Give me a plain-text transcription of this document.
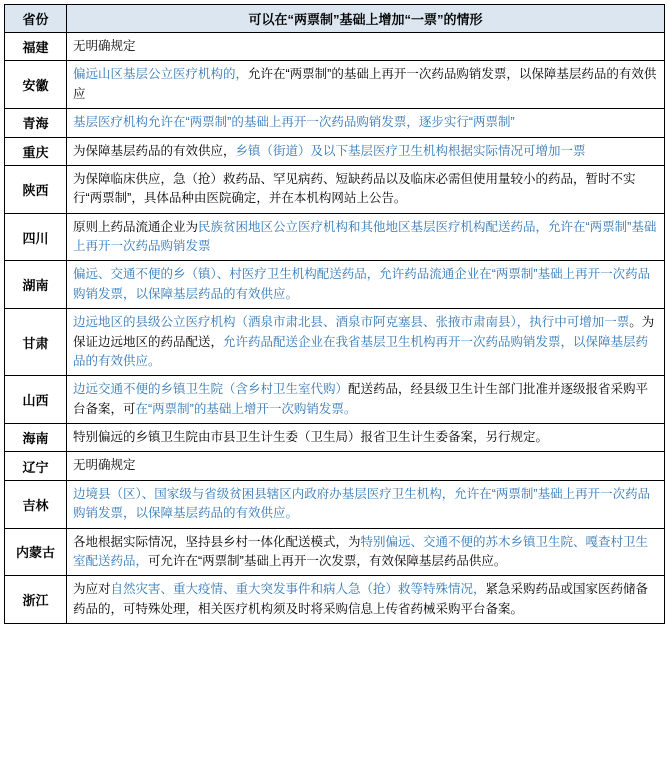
省份	可以在“两票制”基础上增加“一票”的情形
福建	无明确规定
安徽	偏远山区基层公立医疗机构的，允许在“两票制”的基础上再开一次药品购销发票，以保障基层药品的有效供应
青海	基层医疗机构允许在“两票制”的基础上再开一次药品购销发票，逐步实行“两票制”
重庆	为保障基层药品的有效供应，乡镇（街道）及以下基层医疗卫生机构根据实际情况可增加一票
陕西	为保障临床供应，急（抢）救药品、罕见病药、短缺药品以及临床必需但使用量较小的药品，暂时不实行“两票制”，具体品种由医院确定，并在本机构网站上公告。
四川	原则上药品流通企业为民族贫困地区公立医疗机构和其他地区基层医疗机构配送药品，允许在“两票制”基础上再开一次药品购销发票
湖南	偏远、交通不便的乡（镇）、村医疗卫生机构配送药品，允许药品流通企业在“两票制”基础上再开一次药品购销发票，以保障基层药品的有效供应。
甘肃	边远地区的县级公立医疗机构（酒泉市肃北县、酒泉市阿克塞县、张掖市肃南县），执行中可增加一票。为保证边远地区的药品配送，允许药品配送企业在我省基层卫生机构再开一次药品购销发票，以保障基层药品的有效供应。
山西	边远交通不便的乡镇卫生院（含乡村卫生室代购）配送药品，经县级卫生计生部门批准并逐级报省采购平台备案，可在“两票制”的基础上增开一次购销发票。
海南	特别偏远的乡镇卫生院由市县卫生计生委（卫生局）报省卫生计生委备案，另行规定。
辽宁	无明确规定
吉林	边境县（区）、国家级与省级贫困县辖区内政府办基层医疗卫生机构，允许在“两票制”基础上再开一次药品购销发票，以保障基层药品的有效供应。
内蒙古	各地根据实际情况，坚持县乡村一体化配送模式，为特别偏远、交通不便的苏木乡镇卫生院、嘎查村卫生室配送药品，可允许在“两票制”基础上再开一次发票，有效保障基层药品供应。
浙江	为应对自然灾害、重大疫情、重大突发事件和病人急（抢）救等特殊情况，紧急采购药品或国家医药储备药品的，可特殊处理，相关医疗机构须及时将采购信息上传省药械采购平台备案。
